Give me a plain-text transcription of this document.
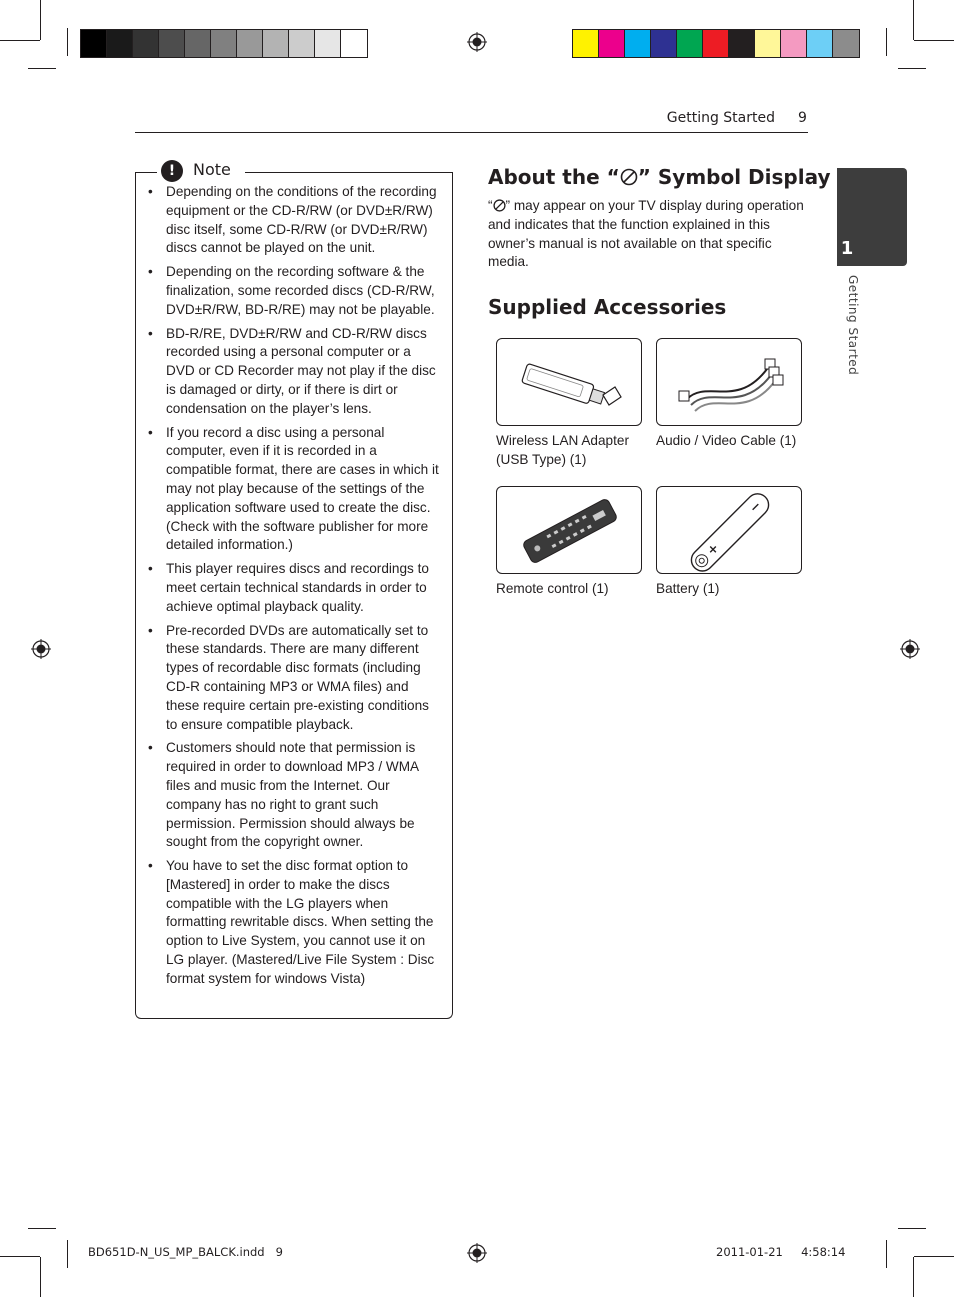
Getting Started 9
1
Getting Started
!	Note
• Depending on the conditions of the recording equipment or the CD-R/RW (or DVD±R/RW) disc itself, some CD-R/RW (or DVD±R/RW) discs cannot be played on the unit.
• Depending on the recording software & the finalization, some recorded discs (CD-R/RW, DVD±R/RW, BD-R/RE) may not be playable.
• BD-R/RE, DVD±R/RW and CD-R/RW discs recorded using a personal computer or a DVD or CD Recorder may not play if the disc is damaged or dirty, or if there is dirt or condensation on the player’s lens.
• If you record a disc using a personal computer, even if it is recorded in a compatible format, there are cases in which it may not play because of the settings of the application software used to create the disc. (Check with the software publisher for more detailed information.)
• This player requires discs and recordings to meet certain technical standards in order to achieve optimal playback quality.
• Pre-recorded DVDs are automatically set to these standards. There are many different types of recordable disc formats (including CD-R containing MP3 or WMA files) and these require certain pre-existing conditions to ensure compatible playback.
• Customers should note that permission is required in order to download MP3 / WMA files and music from the Internet. Our company has no right to grant such permission. Permission should always be sought from the copyright owner.
• You have to set the disc format option to [Mastered] in order to make the discs compatible with the LG players when formatting rewritable discs. When setting the option to Live System, you cannot use it on LG player. (Mastered/Live File System : Disc format system for windows Vista)
About the “ ” Symbol Display
“ ” may appear on your TV display during operation and indicates that the function explained in this owner’s manual is not available on that specific media.
Supplied Accessories
Wireless LAN Adapter
(USB Type) (1)
Audio / Video Cable (1)
Remote control (1)	Battery (1)
BD651D-N_US_MP_BALCK.indd   9	2011-01-21     4:58:14
